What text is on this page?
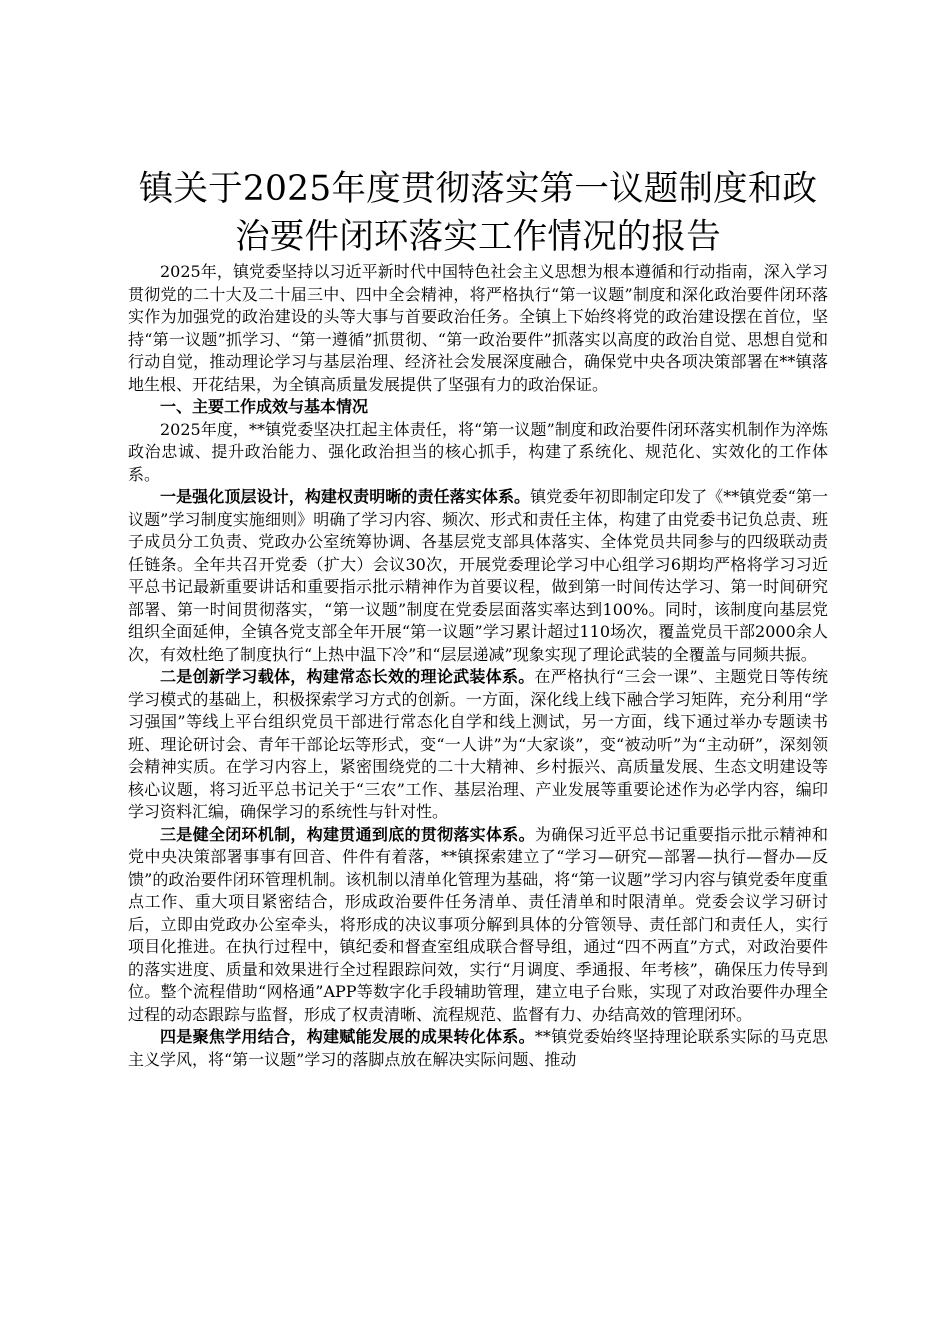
镇关于2025年度贯彻落实第一议题制度和政
治要件闭环落实工作情况的报告

2025年，镇党委坚持以习近平新时代中国特色社会主义思想为根本遵循和行动指南，深入学习贯彻党的二十大及二十届三中、四中全会精神，将严格执行“第一议题”制度和深化政治要件闭环落实作为加强党的政治建设的头等大事与首要政治任务。全镇上下始终将党的政治建设摆在首位，坚持“第一议题”抓学习、“第一遵循”抓贯彻、“第一政治要件”抓落实以高度的政治自觉、思想自觉和行动自觉，推动理论学习与基层治理、经济社会发展深度融合，确保党中央各项决策部署在**镇落地生根、开花结果，为全镇高质量发展提供了坚强有力的政治保证。

一、主要工作成效与基本情况

2025年度，**镇党委坚决扛起主体责任，将“第一议题”制度和政治要件闭环落实机制作为淬炼政治忠诚、提升政治能力、强化政治担当的核心抓手，构建了系统化、规范化、实效化的工作体系。

一是强化顶层设计，构建权责明晰的责任落实体系。镇党委年初即制定印发了《**镇党委“第一议题”学习制度实施细则》明确了学习内容、频次、形式和责任主体，构建了由党委书记负总责、班子成员分工负责、党政办公室统筹协调、各基层党支部具体落实、全体党员共同参与的四级联动责任链条。全年共召开党委（扩大）会议30次，开展党委理论学习中心组学习6期均严格将学习习近平总书记最新重要讲话和重要指示批示精神作为首要议程，做到第一时间传达学习、第一时间研究部署、第一时间贯彻落实，“第一议题”制度在党委层面落实率达到100%。同时，该制度向基层党组织全面延伸，全镇各党支部全年开展“第一议题”学习累计超过110场次，覆盖党员干部2000余人次，有效杜绝了制度执行“上热中温下冷”和“层层递减”现象实现了理论武装的全覆盖与同频共振。

二是创新学习载体，构建常态长效的理论武装体系。在严格执行“三会一课”、主题党日等传统学习模式的基础上，积极探索学习方式的创新。一方面，深化线上线下融合学习矩阵，充分利用“学习强国”等线上平台组织党员干部进行常态化自学和线上测试，另一方面，线下通过举办专题读书班、理论研讨会、青年干部论坛等形式，变“一人讲”为“大家谈”，变“被动听”为“主动研”，深刻领会精神实质。在学习内容上，紧密围绕党的二十大精神、乡村振兴、高质量发展、生态文明建设等核心议题，将习近平总书记关于“三农”工作、基层治理、产业发展等重要论述作为必学内容，编印学习资料汇编，确保学习的系统性与针对性。

三是健全闭环机制，构建贯通到底的贯彻落实体系。为确保习近平总书记重要指示批示精神和党中央决策部署事事有回音、件件有着落，**镇探索建立了“学习—研究—部署—执行—督办—反馈”的政治要件闭环管理机制。该机制以清单化管理为基础，将“第一议题”学习内容与镇党委年度重点工作、重大项目紧密结合，形成政治要件任务清单、责任清单和时限清单。党委会议学习研讨后，立即由党政办公室牵头，将形成的决议事项分解到具体的分管领导、责任部门和责任人，实行项目化推进。在执行过程中，镇纪委和督查室组成联合督导组，通过“四不两直”方式，对政治要件的落实进度、质量和效果进行全过程跟踪问效，实行“月调度、季通报、年考核”，确保压力传导到位。整个流程借助“网格通”APP等数字化手段辅助管理，建立电子台账，实现了对政治要件办理全过程的动态跟踪与监督，形成了权责清晰、流程规范、监督有力、办结高效的管理闭环。

四是聚焦学用结合，构建赋能发展的成果转化体系。**镇党委始终坚持理论联系实际的马克思主义学风，将“第一议题”学习的落脚点放在解决实际问题、推动
